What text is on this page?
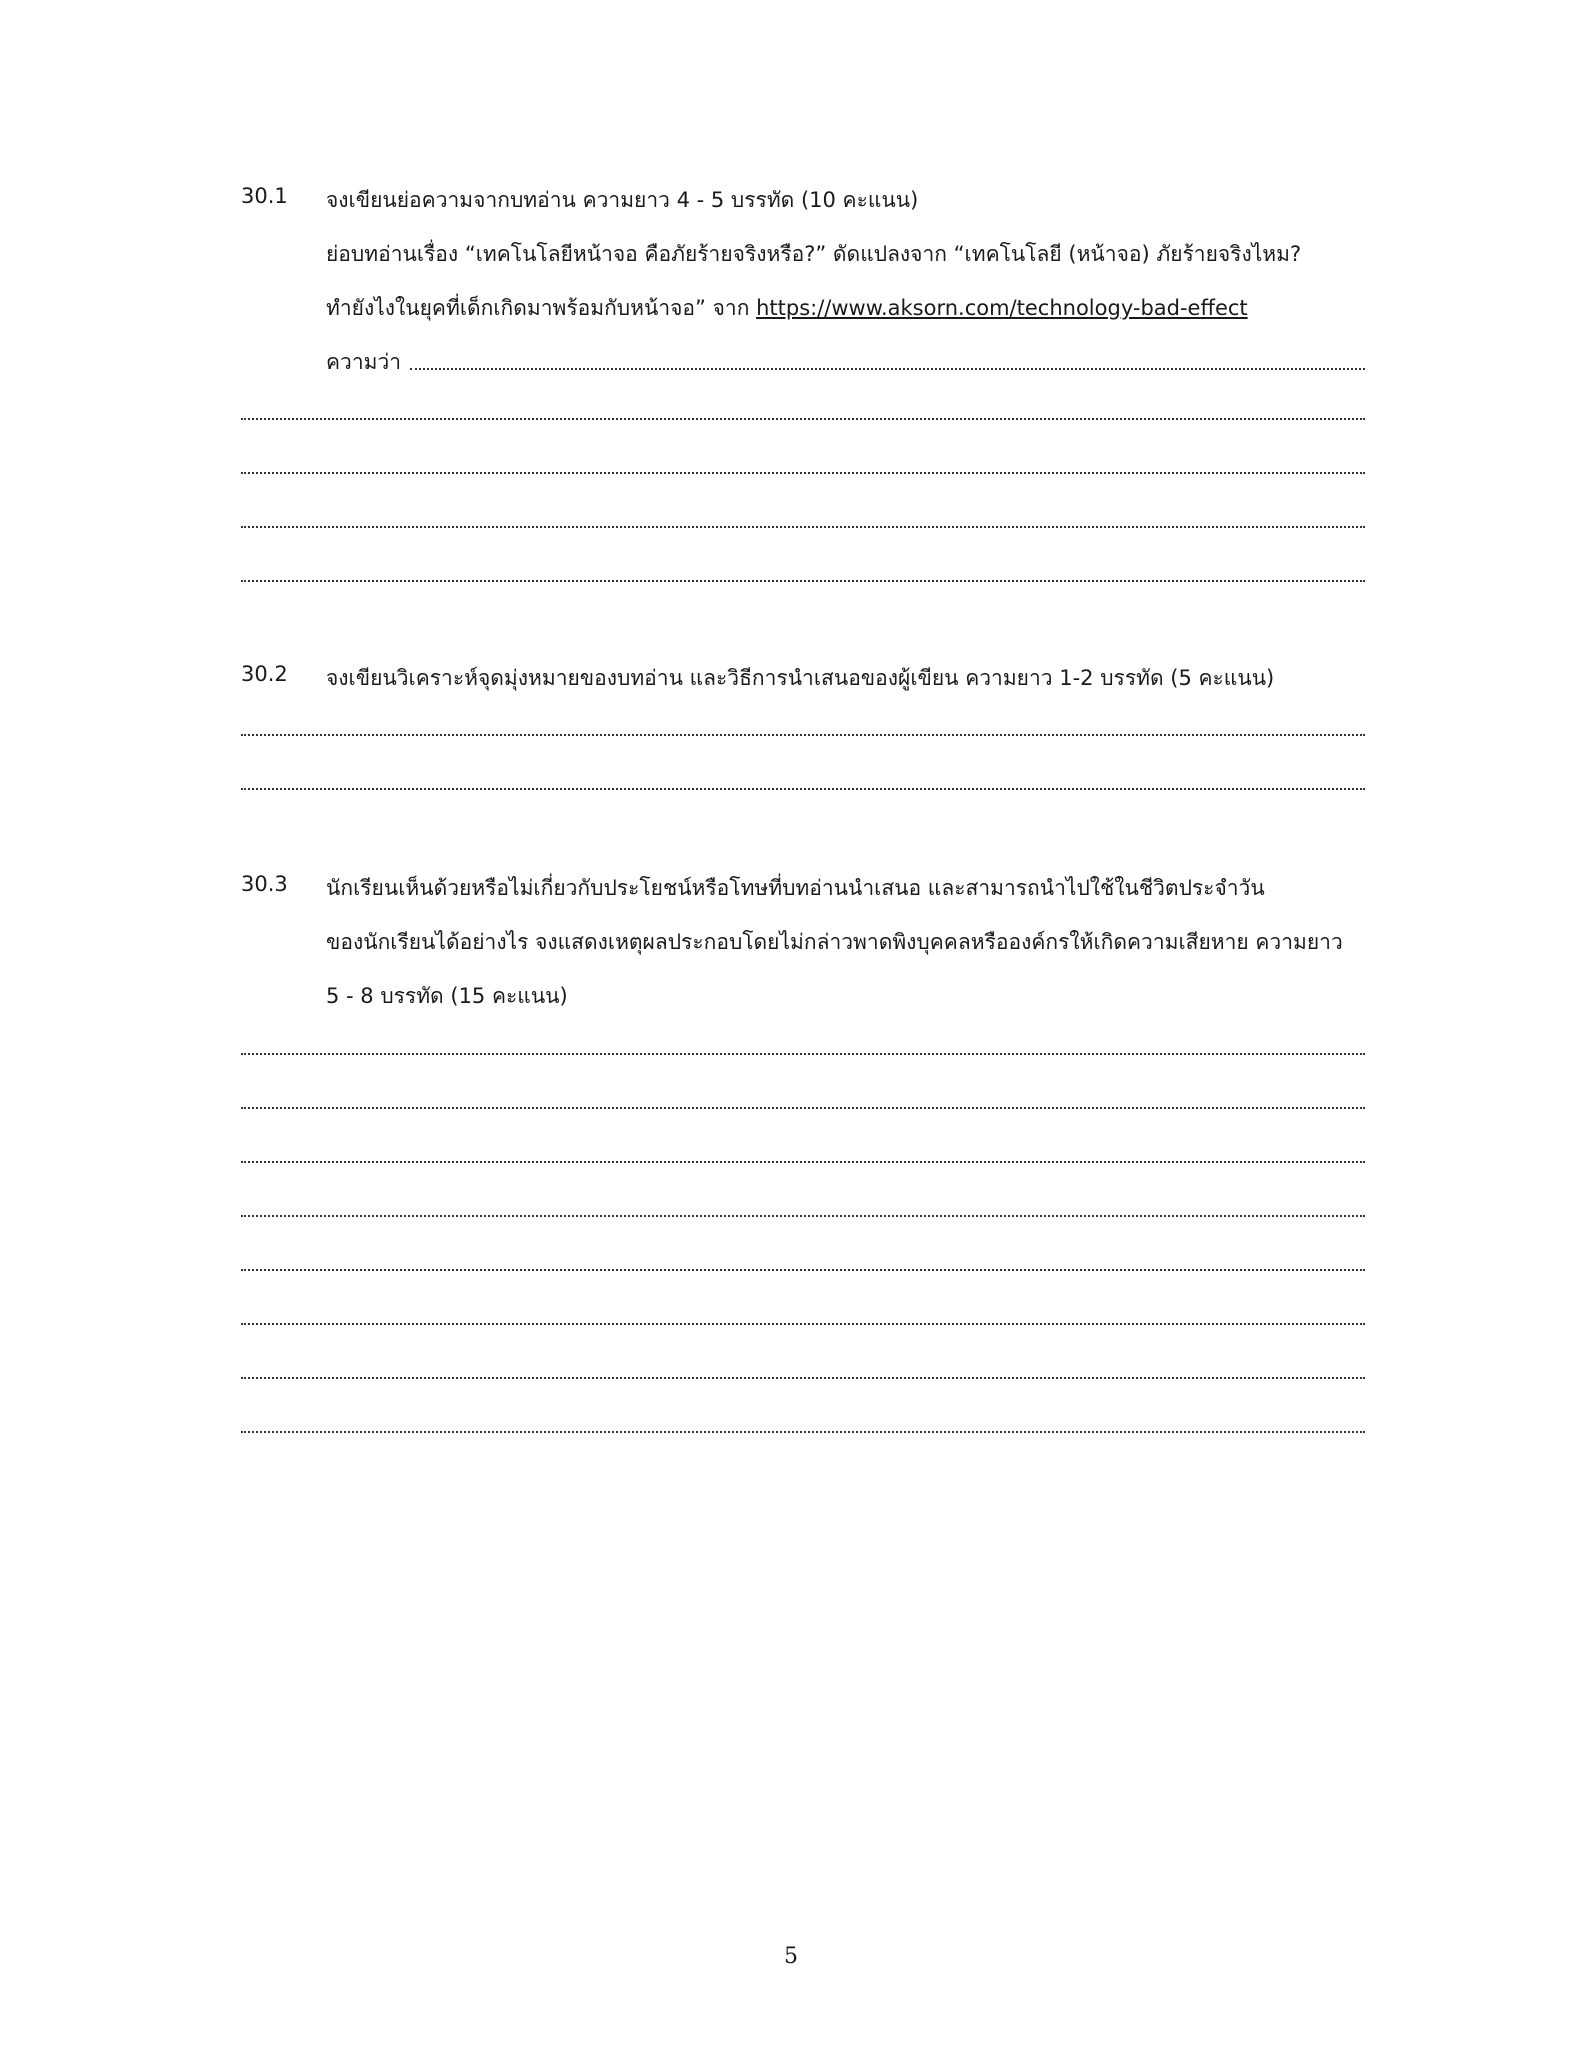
30.1 จงเขียนย่อความจากบทอ่าน ความยาว 4 - 5 บรรทัด (10 คะแนน)
ย่อบทอ่านเรื่อง “เทคโนโลยีหน้าจอ คือภัยร้ายจริงหรือ?” ดัดแปลงจาก “เทคโนโลยี (หน้าจอ) ภัยร้ายจริงไหม?
ทำยังไงในยุคที่เด็กเกิดมาพร้อมกับหน้าจอ” จาก https://www.aksorn.com/technology-bad-effect
ความว่า
30.2 จงเขียนวิเคราะห์จุดมุ่งหมายของบทอ่าน และวิธีการนำเสนอของผู้เขียน ความยาว 1-2 บรรทัด (5 คะแนน)
30.3 นักเรียนเห็นด้วยหรือไม่เกี่ยวกับประโยชน์หรือโทษที่บทอ่านนำเสนอ และสามารถนำไปใช้ในชีวิตประจำวัน
ของนักเรียนได้อย่างไร จงแสดงเหตุผลประกอบโดยไม่กล่าวพาดพิงบุคคลหรือองค์กรให้เกิดความเสียหาย ความยาว
5 - 8 บรรทัด (15 คะแนน)
5
